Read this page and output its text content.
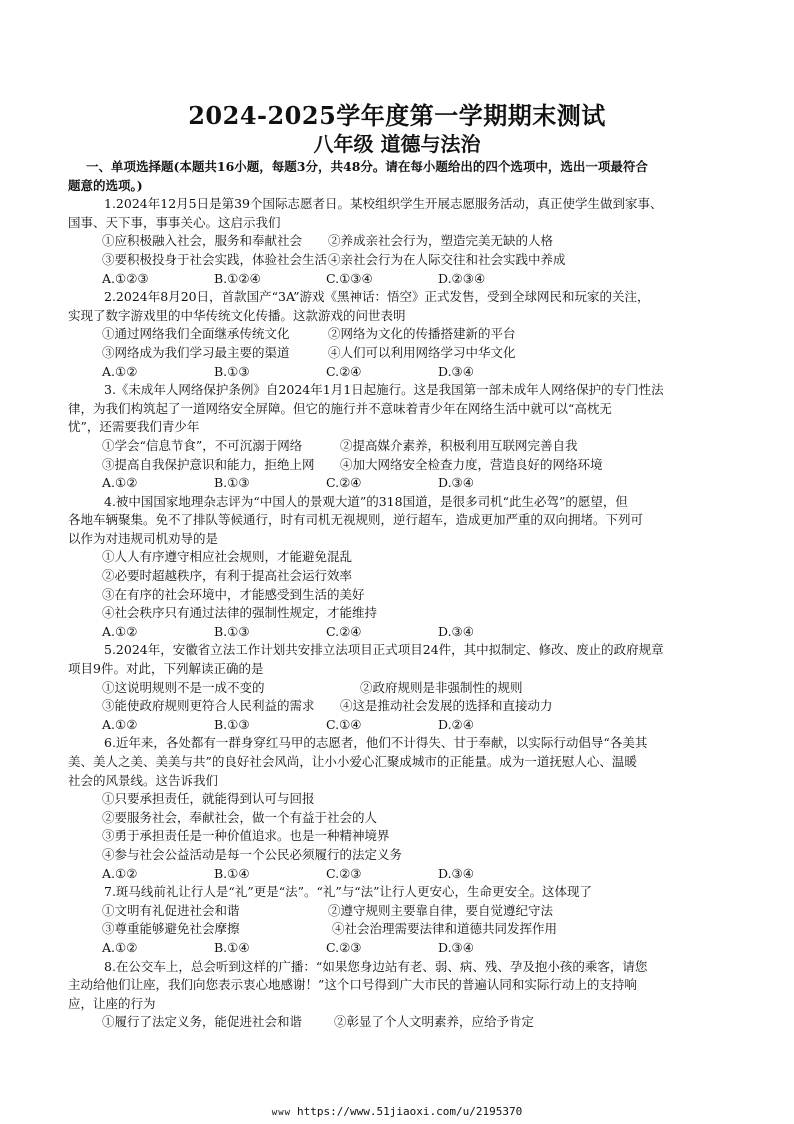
2024-2025学年度第一学期期末测试
八年级 道德与法治
一、单项选择题(本题共16小题，每题3分，共48分。请在每小题给出的四个选项中，选出一项最符合
题意的选项。)
1.2024年12月5日是第39个国际志愿者日。某校组织学生开展志愿服务活动，真正使学生做到家事、
国事、天下事，事事关心。这启示我们
①应积极融入社会，服务和奉献社会	②养成亲社会行为，塑造完美无缺的人格
③要积极投身于社会实践，体验社会生活 ④亲社会行为在人际交往和社会实践中养成
A.①②③	B.①②④	C.①③④	D.②③④
2.2024年8月20日，首款国产“3A”游戏《黑神话：悟空》正式发售，受到全球网民和玩家的关注，
实现了数字游戏里的中华传统文化传播。这款游戏的问世表明
①通过网络我们全面继承传统文化	②网络为文化的传播搭建新的平台
③网络成为我们学习最主要的渠道	④人们可以利用网络学习中华文化
A.①②	B.①③	C.②④	D.③④
3.《未成年人网络保护条例》自2024年1月1日起施行。这是我国第一部未成年人网络保护的专门性法
律，为我们构筑起了一道网络安全屏障。但它的施行并不意味着青少年在网络生活中就可以“高枕无
忧”，还需要我们青少年
①学会“信息节食”，不可沉溺于网络	②提高媒介素养，积极利用互联网完善自我
③提高自我保护意识和能力，拒绝上网	④加大网络安全检查力度，营造良好的网络环境
A.①②	B.①③	C.②④	D.③④
4.被中国国家地理杂志评为“中国人的景观大道”的318国道，是很多司机“此生必驾”的愿望，但
各地车辆聚集。免不了排队等候通行，时有司机无视规则，逆行超车，造成更加严重的双向拥堵。下列可
以作为对违规司机劝导的是
①人人有序遵守相应社会规则，才能避免混乱
②必要时超越秩序，有利于提高社会运行效率
③在有序的社会环境中，才能感受到生活的美好
④社会秩序只有通过法律的强制性规定，才能维持
A.①②	B.①③	C.②④	D.③④
5.2024年，安徽省立法工作计划共安排立法项目正式项目24件，其中拟制定、修改、废止的政府规章
项目9件。对此，下列解读正确的是
①这说明规则不是一成不变的	②政府规则是非强制性的规则
③能使政府规则更符合人民利益的需求	④这是推动社会发展的选择和直接动力
A.①②	B.①③	C.①④	D.②④
6.近年来，各处都有一群身穿红马甲的志愿者，他们不计得失、甘于奉献，以实际行动倡导“各美其
美、美人之美、美美与共”的良好社会风尚，让小小爱心汇聚成城市的正能量。成为一道抚慰人心、温暖
社会的风景线。这告诉我们
①只要承担责任，就能得到认可与回报
②要服务社会，奉献社会，做一个有益于社会的人
③勇于承担责任是一种价值追求。也是一种精神境界
④参与社会公益活动是每一个公民必须履行的法定义务
A.①②	B.①④	C.②③	D.③④
7.斑马线前礼让行人是“礼”更是“法”。“礼”与“法”让行人更安心，生命更安全。这体现了
①文明有礼促进社会和谐	②遵守规则主要靠自律，要自觉遵纪守法
③尊重能够避免社会摩擦	④社会治理需要法律和道德共同发挥作用
A.①②	B.①④	C.②③	D.③④
8.在公交车上，总会听到这样的广播：“如果您身边站有老、弱、病、残、孕及抱小孩的乘客，请您
主动给他们让座，我们向您表示衷心地感谢！”这个口号得到广大市民的普遍认同和实际行动上的支持响
应，让座的行为
①履行了法定义务，能促进社会和谐	②彰显了个人文明素养，应给予肯定
www https://www.51jiaoxi.com/u/2195370
